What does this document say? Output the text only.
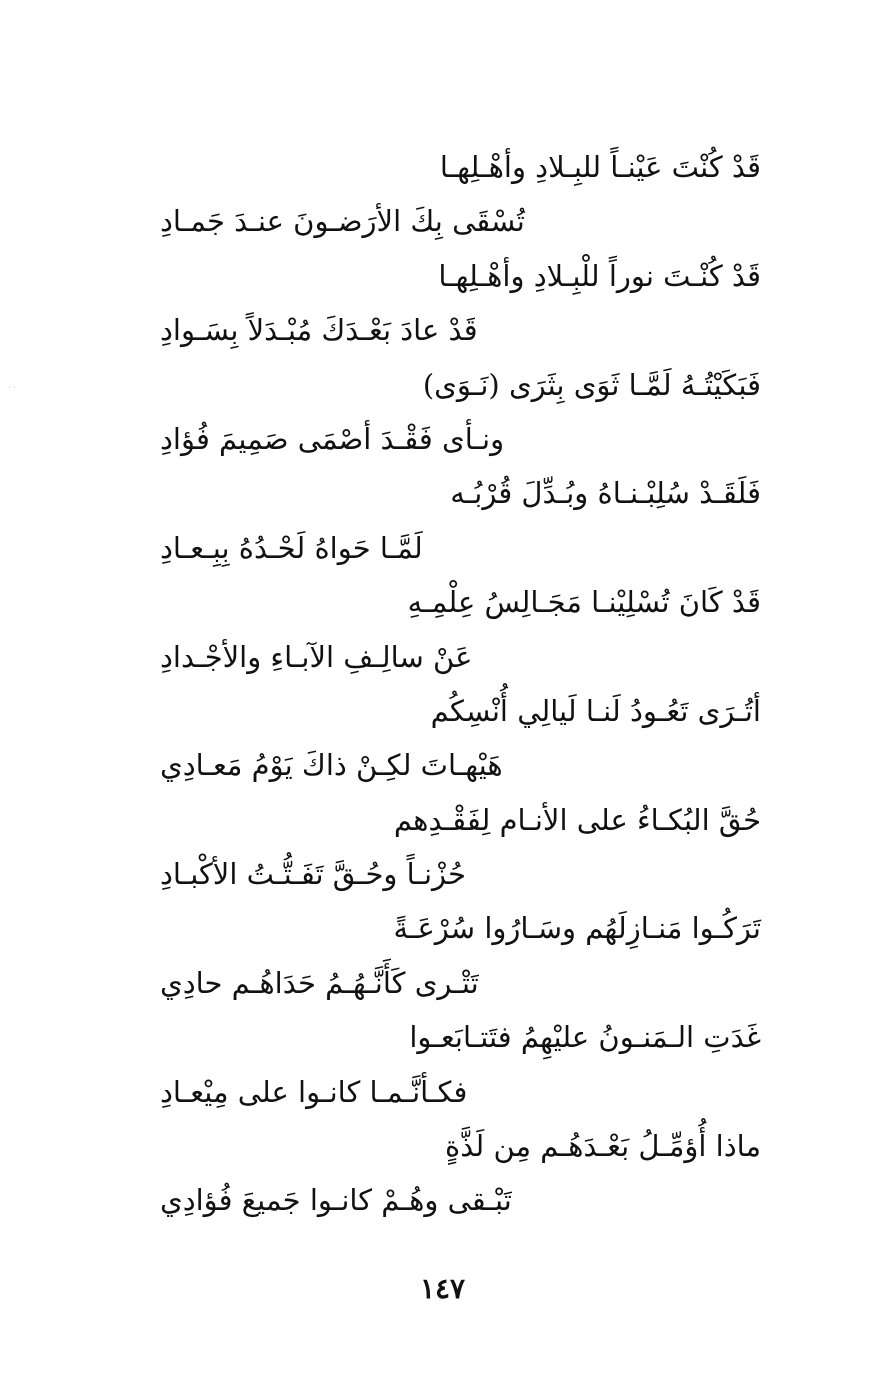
· ·
قَدْ كُنْتَ عَيْنـاً للبِـلادِ وأهْـلِهـا
تُسْقَى بِكَ الأرَضـونَ عنـدَ جَمـادِ
قَدْ كُنْـتَ نوراً للْبِـلادِ وأهْـلِهـا
قَدْ عادَ بَعْـدَكَ مُبْـدَلاً بِسَـوادِ
فَبَكَيْتُـهُ لَمَّـا ثَوَى بِثَرَى (نَـوَى)
ونـأى فَقْـدَ أصْمَى صَمِيمَ فُؤادِ
فَلَقَـدْ سُلِبْـنـاهُ وبُـدِّلَ قُرْبُـه
لَمَّـا حَواهُ لَحْـدُهُ بِبِـعـادِ
قَدْ كَانَ تُسْلِيْنـا مَجَـالِسُ عِلْمِـهِ
عَنْ سالِـفِ الآبـاءِ والأجْـدادِ
أتُـرَى تَعُـودُ لَنـا لَيالِي أُنْسِكُم
هَيْهـاتَ لكِـنْ ذاكَ يَوْمُ مَعـادِي
حُقَّ البُكـاءُ على الأنـام لِفَقْـدِهم
حُزْنـاً وحُـقَّ تَفَـتُّـتُ الأكْبـادِ
تَرَكُـوا مَنـازِلَهُم وسَـارُوا سُرْعَـةً
تَتْـرى كَأَنَّـهُـمُ حَدَاهُـم حادِي
غَدَتِ الـمَنـونُ عليْهِمُ فتَتـابَعـوا
فكـأنَّـمـا كانـوا على مِيْعـادِ
ماذا أُؤمِّـلُ بَعْـدَهُـم مِن لَذَّةٍ
تَبْـقى وهُـمْ كانـوا جَميعَ فُؤادِي
١٤٧
